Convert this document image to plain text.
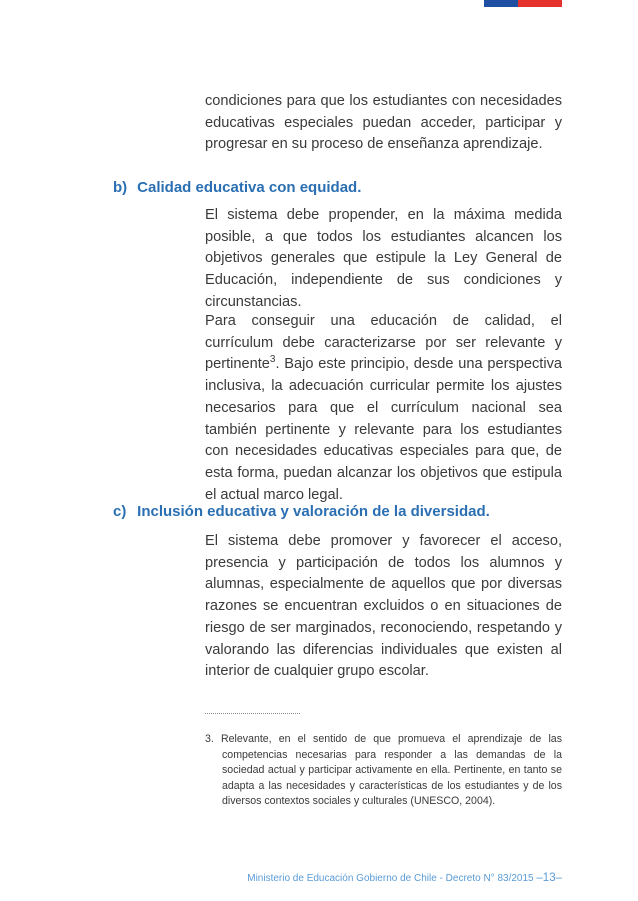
condiciones para que los estudiantes con necesidades educativas especiales puedan acceder, participar y progresar en su proceso de enseñanza aprendizaje.

b) Calidad educativa con equidad.

El sistema debe propender, en la máxima medida posible, a que todos los estudiantes alcancen los objetivos generales que estipule la Ley General de Educación, independiente de sus condiciones y circunstancias.

Para conseguir una educación de calidad, el currículum debe caracterizarse por ser relevante y pertinente$^3$. Bajo este principio, desde una perspectiva inclusiva, la adecuación curricular permite los ajustes necesarios para que el currículum nacional sea también pertinente y relevante para los estudiantes con necesidades educativas especiales para que, de esta forma, puedan alcanzar los objetivos que estipula el actual marco legal.

c) Inclusión educativa y valoración de la diversidad.

El sistema debe promover y favorecer el acceso, presencia y participación de todos los alumnos y alumnas, especialmente de aquellos que por diversas razones se encuentran excluidos o en situaciones de riesgo de ser marginados, reconociendo, respetando y valorando las diferencias individuales que existen al interior de cualquier grupo escolar.

3. Relevante, en el sentido de que promueva el aprendizaje de las competencias necesarias para responder a las demandas de la sociedad actual y participar activamente en ella. Pertinente, en tanto se adapta a las necesidades y características de los estudiantes y de los diversos contextos sociales y culturales (UNESCO, 2004).

Ministerio de Educación Gobierno de Chile - Decreto N° 83/2015 –13–
